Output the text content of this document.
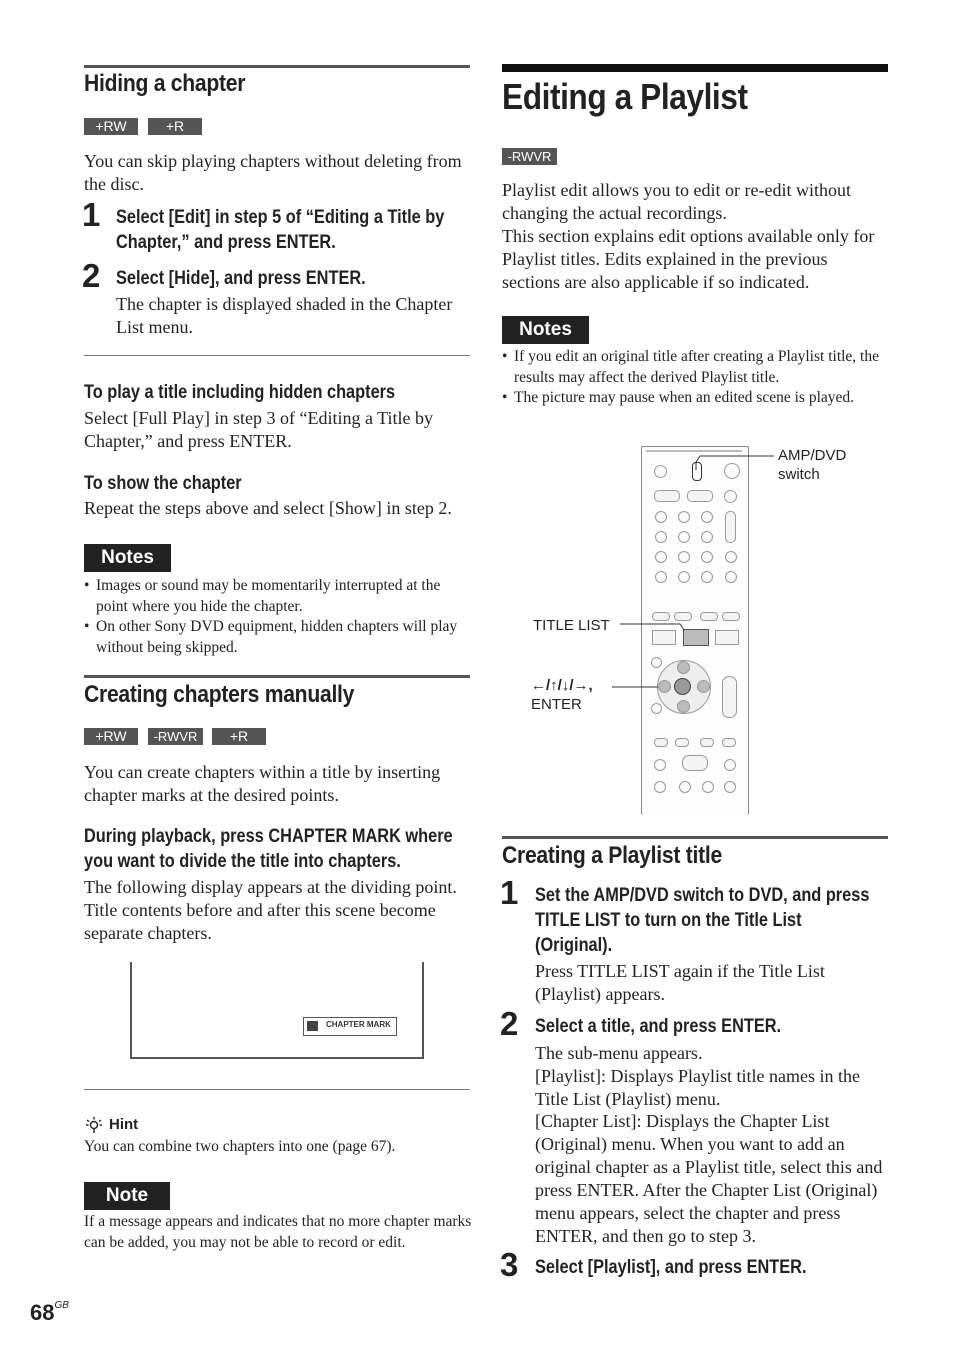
Hiding a chapter
+RW	+R
You can skip playing chapters without deleting from the disc.
1 Select [Edit] in step 5 of “Editing a Title by
Chapter,” and press ENTER.
2 Select [Hide], and press ENTER.
The chapter is displayed shaded in the Chapter List menu.
To play a title including hidden chapters
Select [Full Play] in step 3 of “Editing a Title by Chapter,” and press ENTER.
To show the chapter
Repeat the steps above and select [Show] in step 2.
Notes
• Images or sound may be momentarily interrupted at the point where you hide the chapter.
• On other Sony DVD equipment, hidden chapters will play without being skipped.
Creating chapters manually
+RW	-RWVR	+R
You can create chapters within a title by inserting chapter marks at the desired points.
During playback, press CHAPTER MARK where
you want to divide the title into chapters.
The following display appears at the dividing point. Title contents before and after this scene become separate chapters.
CHAPTER MARK
Hint
You can combine two chapters into one (page 67).
Note
If a message appears and indicates that no more chapter marks can be added, you may not be able to record or edit.
Editing a Playlist
-RWVR
Playlist edit allows you to edit or re-edit without changing the actual recordings.
This section explains edit options available only for Playlist titles. Edits explained in the previous sections are also applicable if so indicated.
Notes
• If you edit an original title after creating a Playlist title, the results may affect the derived Playlist title.
• The picture may pause when an edited scene is played.
AMP/DVD
switch
TITLE LIST
←/↑/↓/→,
ENTER
Creating a Playlist title
1 Set the AMP/DVD switch to DVD, and press
TITLE LIST to turn on the Title List
(Original).
Press TITLE LIST again if the Title List (Playlist) appears.
2 Select a title, and press ENTER.
The sub-menu appears.
[Playlist]: Displays Playlist title names in the Title List (Playlist) menu.
[Chapter List]: Displays the Chapter List (Original) menu. When you want to add an original chapter as a Playlist title, select this and press ENTER. After the Chapter List (Original) menu appears, select the chapter and press ENTER, and then go to step 3.
3 Select [Playlist], and press ENTER.
$68^{GB}$
